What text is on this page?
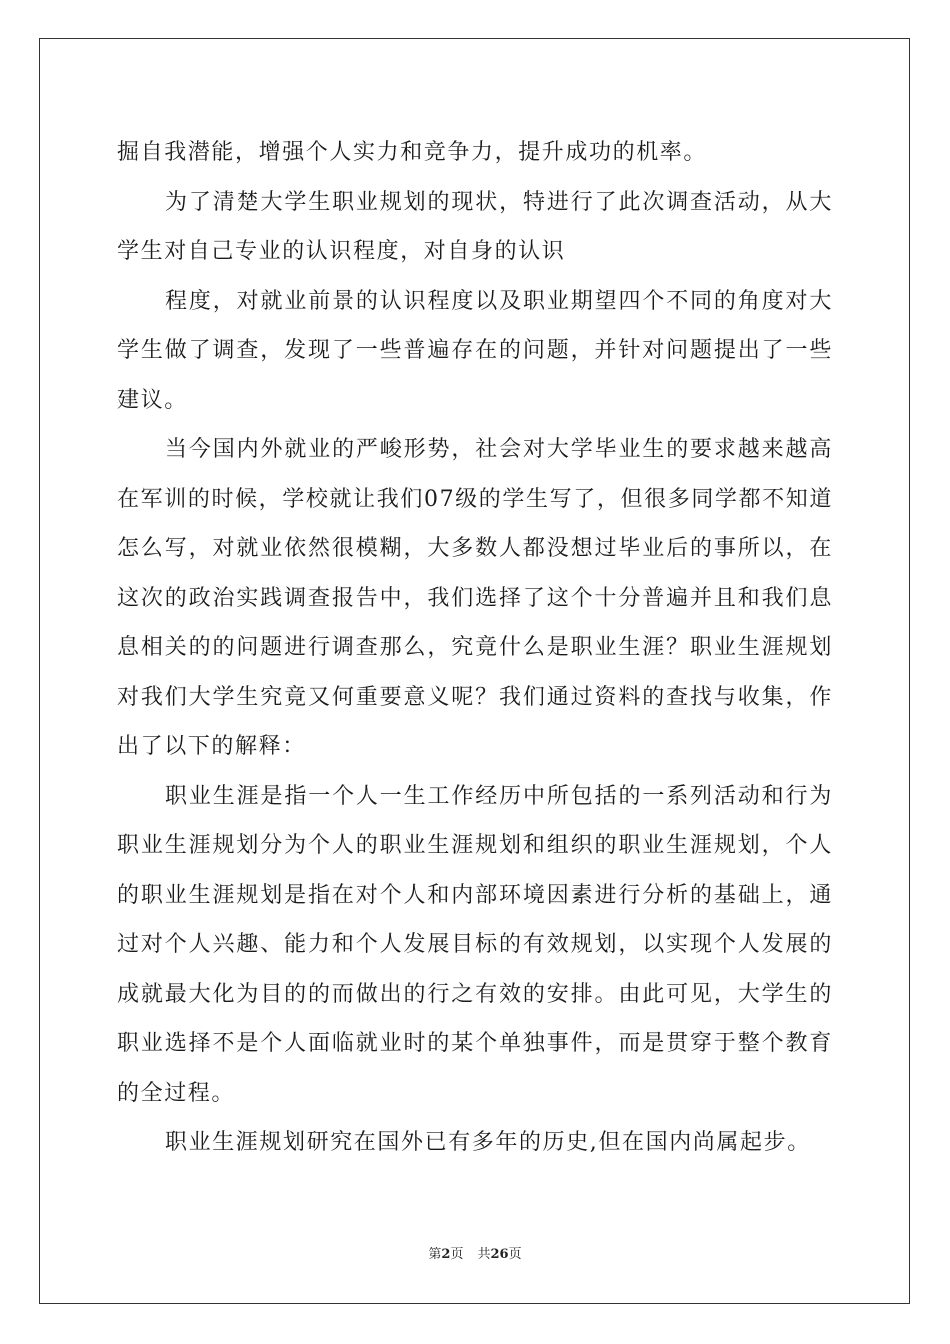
掘自我潜能，增强个人实力和竞争力，提升成功的机率。

为了清楚大学生职业规划的现状，特进行了此次调查活动，从大学生对自己专业的认识程度，对自身的认识

程度，对就业前景的认识程度以及职业期望四个不同的角度对大学生做了调查，发现了一些普遍存在的问题，并针对问题提出了一些建议。

当今国内外就业的严峻形势，社会对大学毕业生的要求越来越高在军训的时候，学校就让我们07级的学生写了，但很多同学都不知道怎么写，对就业依然很模糊，大多数人都没想过毕业后的事所以，在这次的政治实践调查报告中，我们选择了这个十分普遍并且和我们息息相关的的问题进行调查那么，究竟什么是职业生涯？职业生涯规划对我们大学生究竟又何重要意义呢？我们通过资料的查找与收集，作出了以下的解释：

职业生涯是指一个人一生工作经历中所包括的一系列活动和行为职业生涯规划分为个人的职业生涯规划和组织的职业生涯规划，个人的职业生涯规划是指在对个人和内部环境因素进行分析的基础上，通过对个人兴趣、能力和个人发展目标的有效规划，以实现个人发展的成就最大化为目的的而做出的行之有效的安排。由此可见，大学生的职业选择不是个人面临就业时的某个单独事件，而是贯穿于整个教育的全过程。

职业生涯规划研究在国外已有多年的历史,但在国内尚属起步。

第2页 共26页
